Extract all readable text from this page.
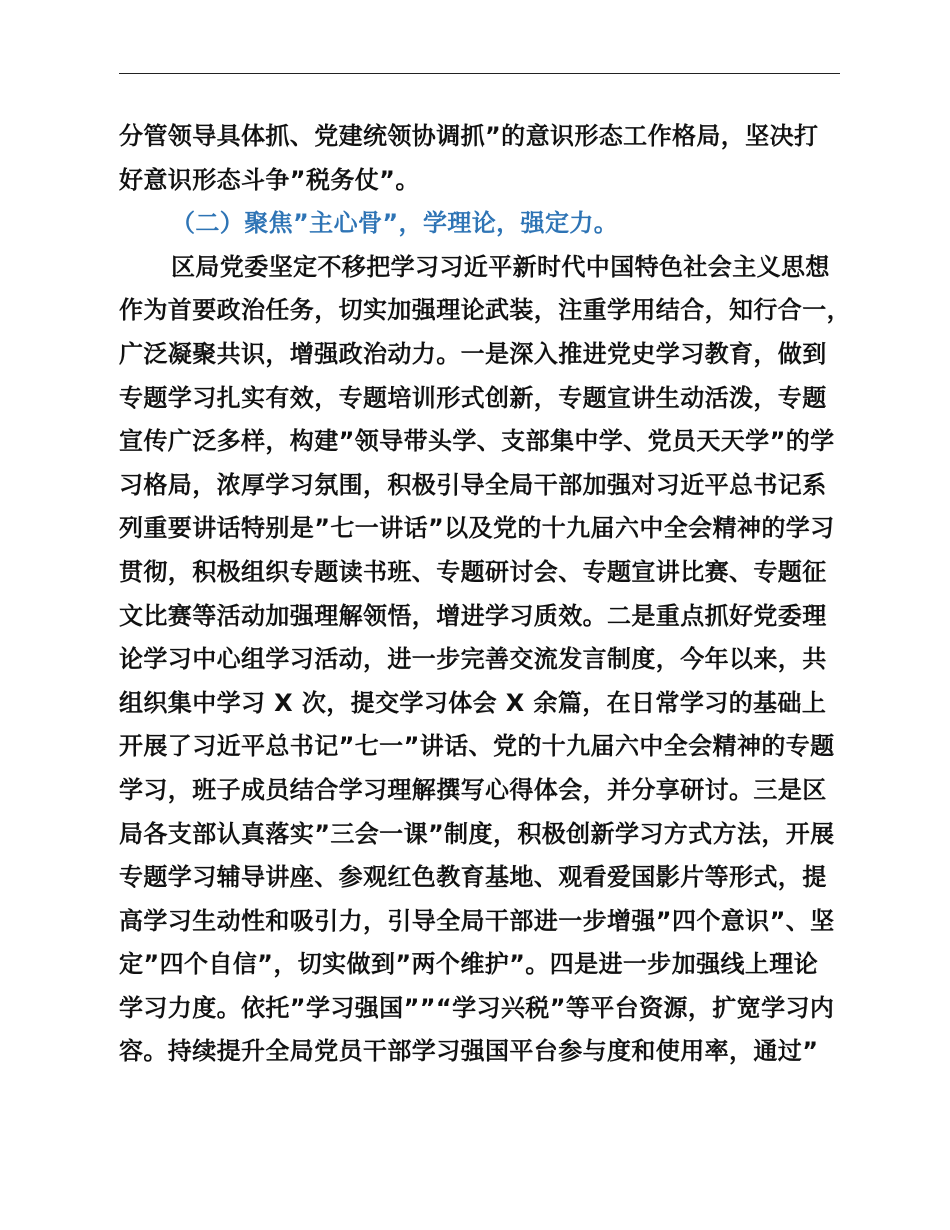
分管领导具体抓、党建统领协调抓”的意识形态工作格局，坚决打

好意识形态斗争”税务仗”。

（二）聚焦”主心骨”，学理论，强定力。

区局党委坚定不移把学习习近平新时代中国特色社会主义思想

作为首要政治任务，切实加强理论武装，注重学用结合，知行合一，

广泛凝聚共识，增强政治动力。一是深入推进党史学习教育，做到

专题学习扎实有效，专题培训形式创新，专题宣讲生动活泼，专题

宣传广泛多样，构建”领导带头学、支部集中学、党员天天学”的学

习格局，浓厚学习氛围，积极引导全局干部加强对习近平总书记系

列重要讲话特别是”七一讲话”以及党的十九届六中全会精神的学习

贯彻，积极组织专题读书班、专题研讨会、专题宣讲比赛、专题征

文比赛等活动加强理解领悟，增进学习质效。二是重点抓好党委理

论学习中心组学习活动，进一步完善交流发言制度，今年以来，共

组织集中学习 X 次，提交学习体会 X 余篇，在日常学习的基础上

开展了习近平总书记”七一”讲话、党的十九届六中全会精神的专题

学习，班子成员结合学习理解撰写心得体会，并分享研讨。三是区

局各支部认真落实”三会一课”制度，积极创新学习方式方法，开展

专题学习辅导讲座、参观红色教育基地、观看爱国影片等形式，提

高学习生动性和吸引力，引导全局干部进一步增强”四个意识”、坚

定”四个自信”，切实做到”两个维护”。四是进一步加强线上理论

学习力度。依托”学习强国””“学习兴税”等平台资源，扩宽学习内

容。持续提升全局党员干部学习强国平台参与度和使用率，通过”
